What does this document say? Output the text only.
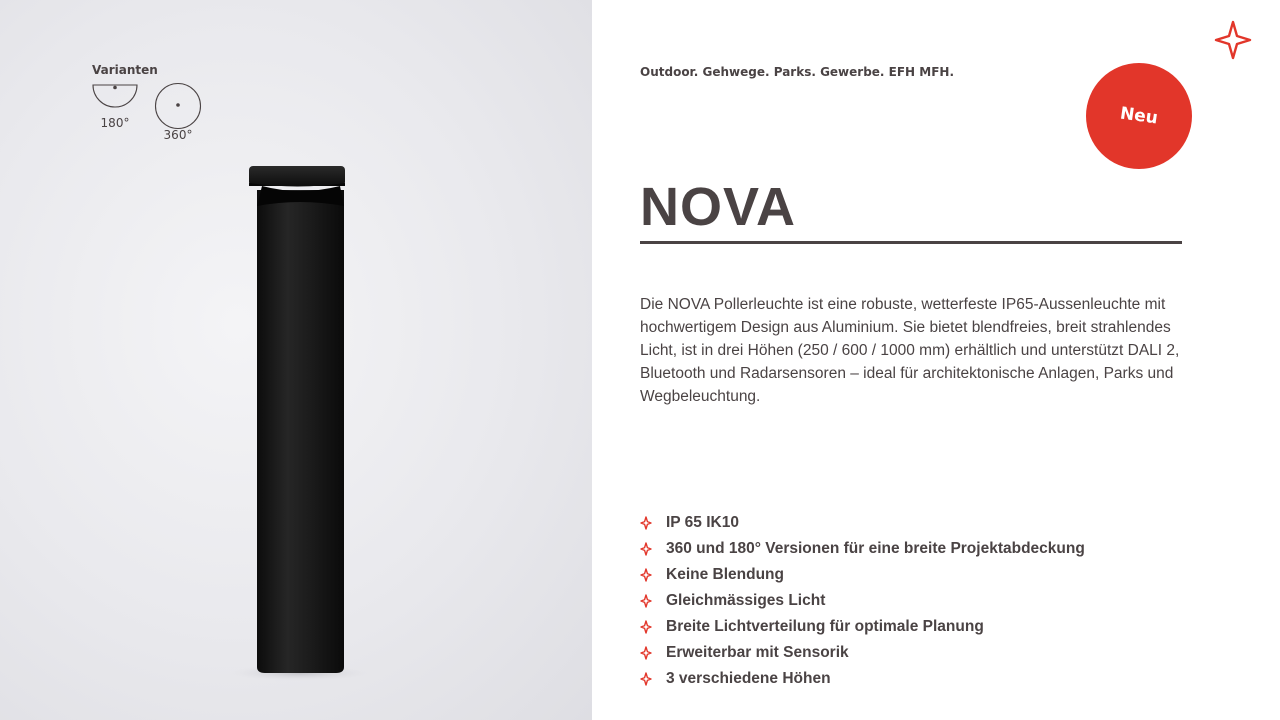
Varianten
180°
360°
Outdoor. Gehwege. Parks. Gewerbe. EFH MFH.
Neu
NOVA

Die NOVA Pollerleuchte ist eine robuste, wetterfeste IP65-Aussenleuchte mit hochwertigem Design aus Aluminium. Sie bietet blendfreies, breit strahlendes Licht, ist in drei Höhen (250 / 600 / 1000 mm) erhältlich und unterstützt DALI 2, Bluetooth und Radarsensoren – ideal für architektonische Anlagen, Parks und Wegbeleuchtung.

IP 65 IK10
360 und 180° Versionen für eine breite Projektabdeckung
Keine Blendung
Gleichmässiges Licht
Breite Lichtverteilung für optimale Planung
Erweiterbar mit Sensorik
3 verschiedene Höhen
